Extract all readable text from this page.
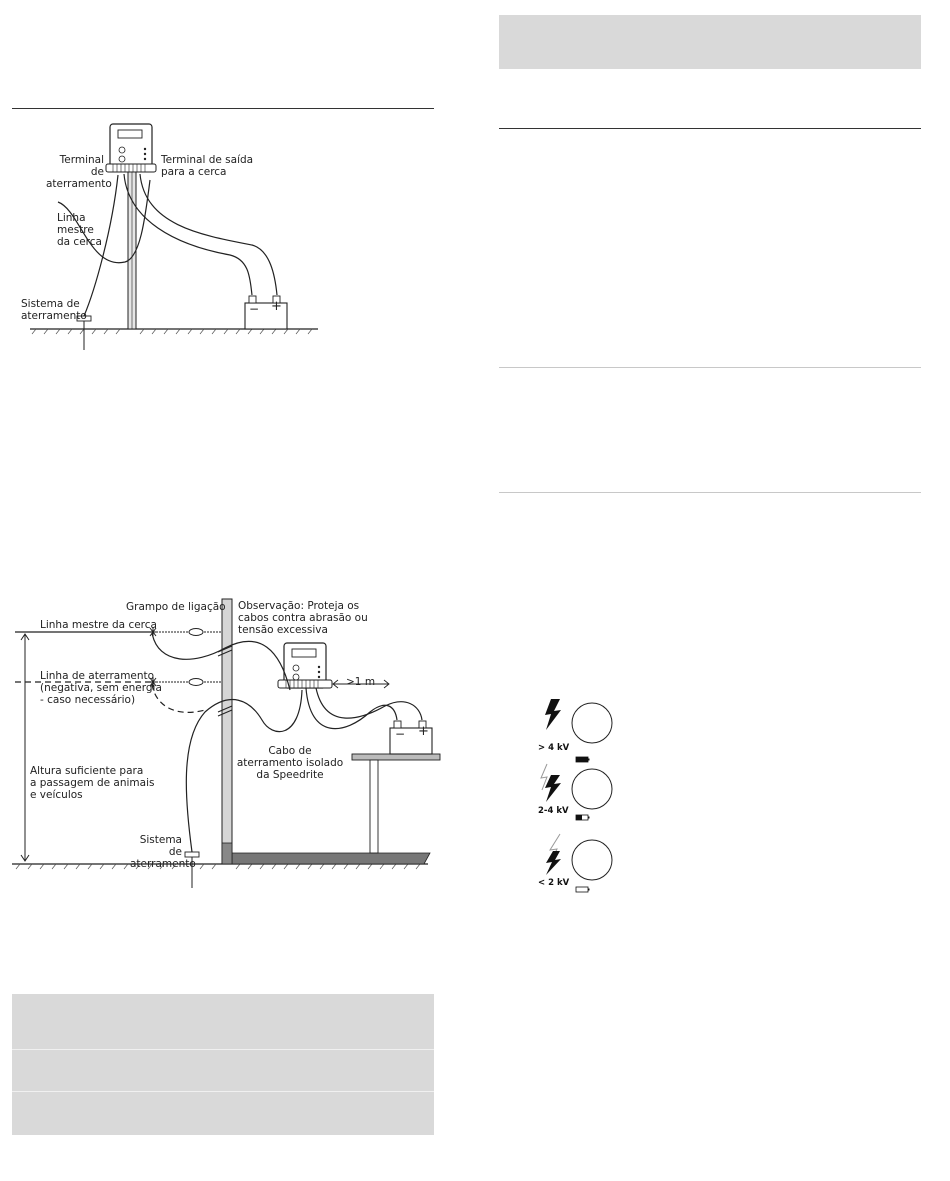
− +
Terminal de
aterramento
Terminal de saída
para a cerca
Linha
mestre
da cerca
Sistema de
aterramento
Grampo de ligação Observação: Proteja os
cabos contra abrasão ou
tensão excessiva
Linha mestre da cerca
Linha de aterramento
(negativa, sem energia
- caso necessário)
Altura suficiente para
a passagem de animais
e veículos
>1 m
Cabo de
aterramento isolado
da Speedrite
Sistema de
aterramento
− +
> 4 kV
2-4 kV
< 2 kV
